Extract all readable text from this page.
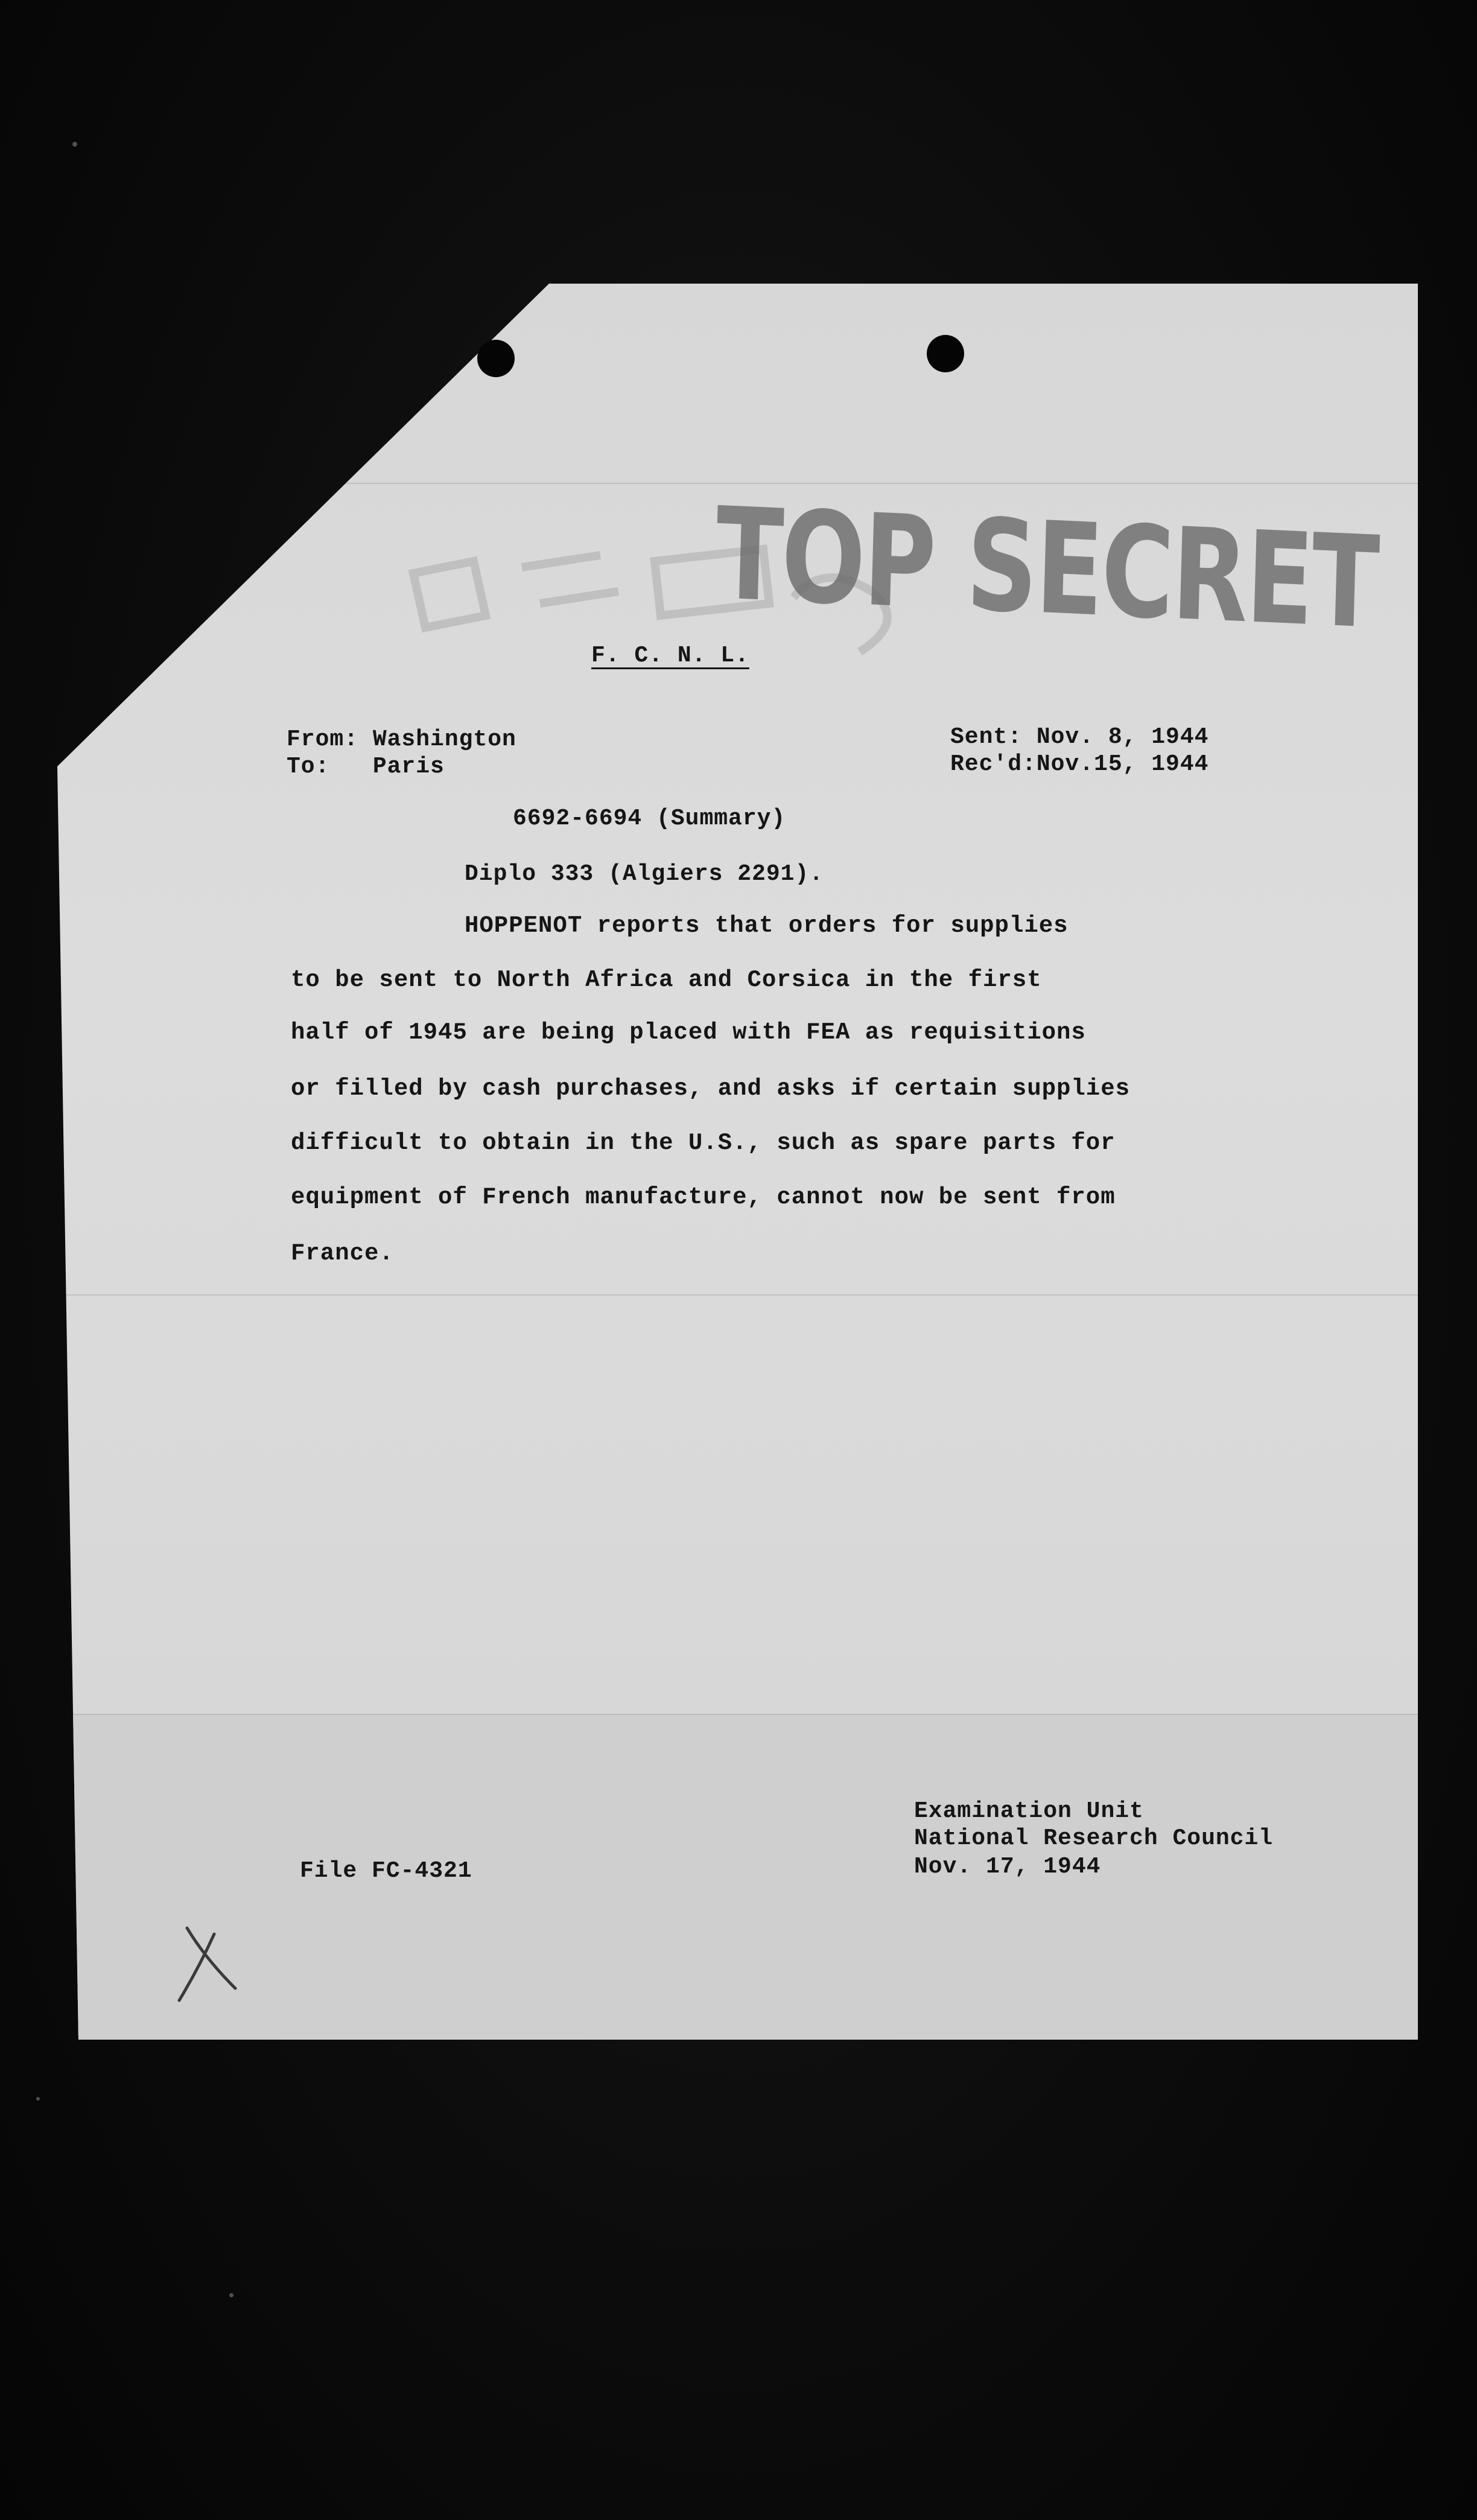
TOP SECRET
F. C. N. L.
From: Washington
To:   Paris
Sent: Nov. 8, 1944
Rec'd:Nov.15, 1944
6692-6694 (Summary)
Diplo 333 (Algiers 2291).
HOPPENOT reports that orders for supplies
to be sent to North Africa and Corsica in the first
half of 1945 are being placed with FEA as requisitions
or filled by cash purchases, and asks if certain supplies
difficult to obtain in the U.S., such as spare parts for
equipment of French manufacture, cannot now be sent from
France.
File FC-4321
Examination Unit
National Research Council
Nov. 17, 1944
